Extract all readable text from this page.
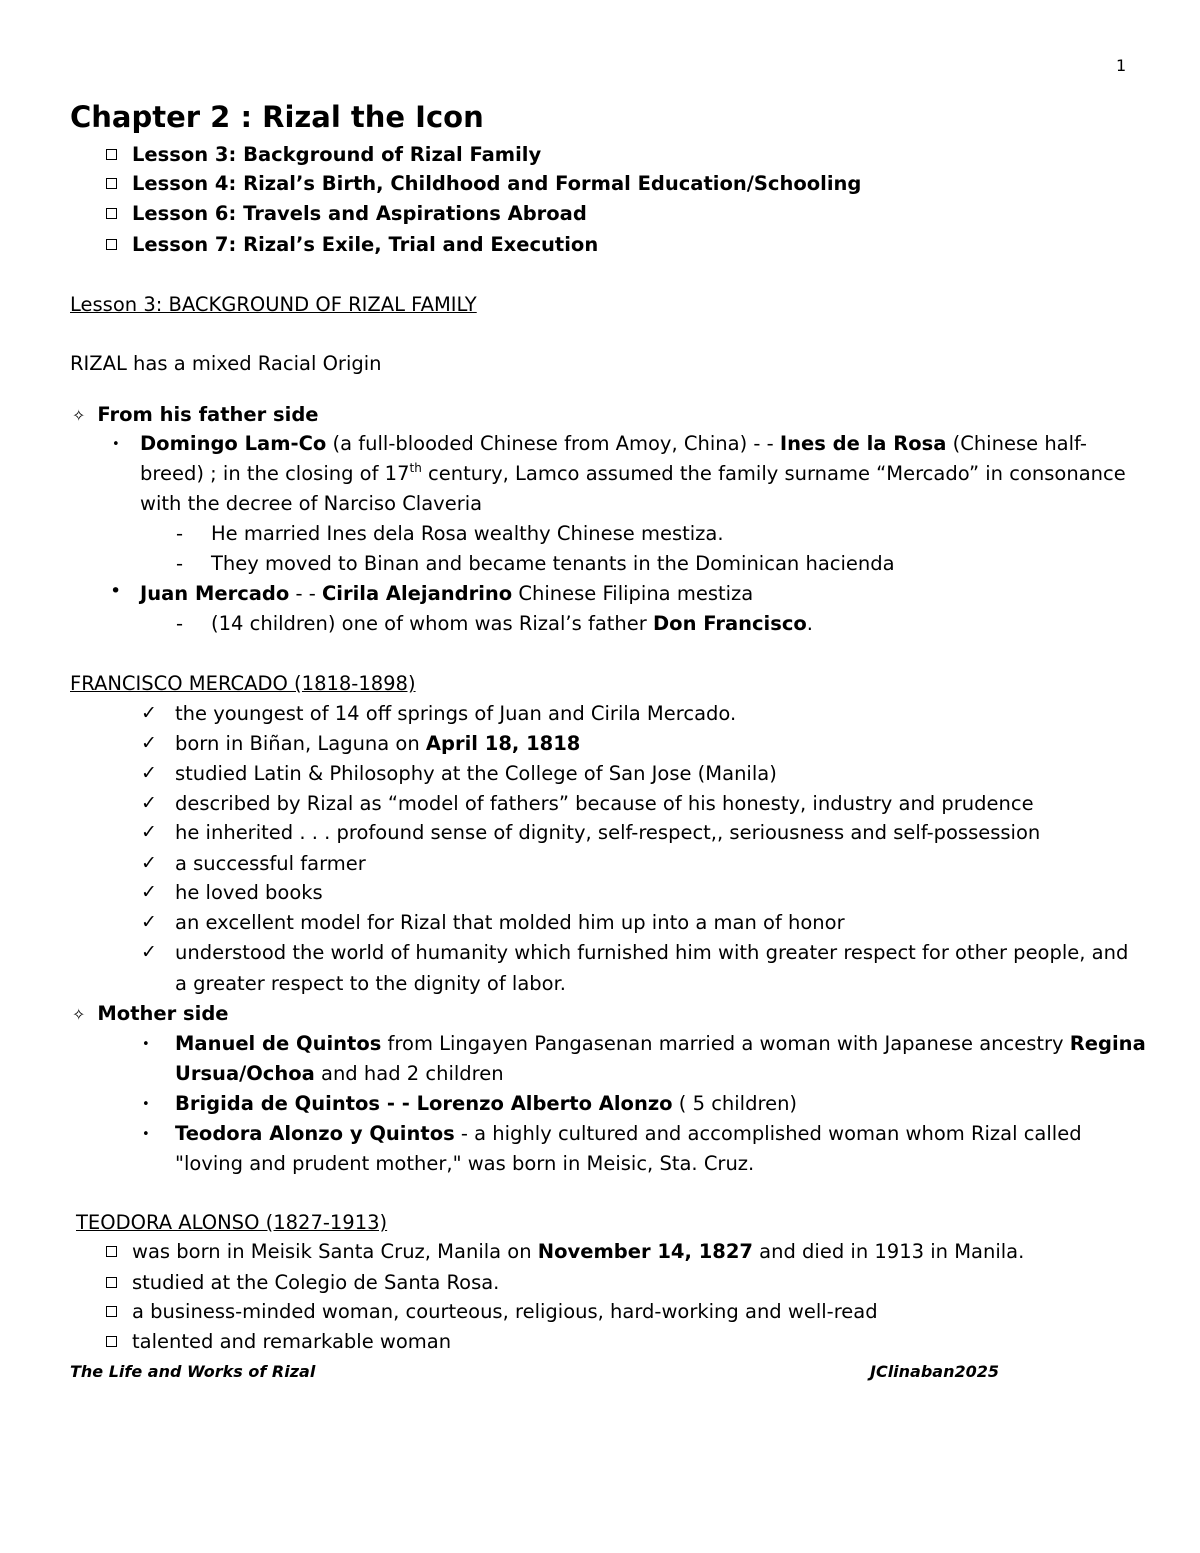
1
Chapter 2 : Rizal the Icon
Lesson 3: Background of Rizal Family
Lesson 4: Rizal’s Birth, Childhood and Formal Education/Schooling
Lesson 6: Travels and Aspirations Abroad
Lesson 7: Rizal’s Exile, Trial and Execution
Lesson 3: BACKGROUND OF RIZAL FAMILY
RIZAL has a mixed Racial Origin
✧ From his father side
• Domingo Lam-Co (a full-blooded Chinese from Amoy, China) - - Ines de la Rosa (Chinese half-
breed) ; in the closing of 17th century, Lamco assumed the family surname “Mercado” in consonance
with the decree of Narciso Claveria
- He married Ines dela Rosa wealthy Chinese mestiza.
- They moved to Binan and became tenants in the Dominican hacienda
• Juan Mercado - - Cirila Alejandrino Chinese Filipina mestiza
- (14 children) one of whom was Rizal’s father Don Francisco.
FRANCISCO MERCADO (1818-1898)
✓ the youngest of 14 off springs of Juan and Cirila Mercado.
✓ born in Biñan, Laguna on April 18, 1818
✓ studied Latin & Philosophy at the College of San Jose (Manila)
✓ described by Rizal as “model of fathers” because of his honesty, industry and prudence
✓ he inherited . . . profound sense of dignity, self-respect,, seriousness and self-possession
✓ a successful farmer
✓ he loved books
✓ an excellent model for Rizal that molded him up into a man of honor
✓ understood the world of humanity which furnished him with greater respect for other people, and
a greater respect to the dignity of labor.
✧ Mother side
• Manuel de Quintos from Lingayen Pangasenan married a woman with Japanese ancestry Regina
Ursua/Ochoa and had 2 children
• Brigida de Quintos - - Lorenzo Alberto Alonzo ( 5 children)
• Teodora Alonzo y Quintos - a highly cultured and accomplished woman whom Rizal called
"loving and prudent mother," was born in Meisic, Sta. Cruz.
TEODORA ALONSO (1827-1913)
was born in Meisik Santa Cruz, Manila on November 14, 1827 and died in 1913 in Manila.
studied at the Colegio de Santa Rosa.
a business-minded woman, courteous, religious, hard-working and well-read
talented and remarkable woman
The Life and Works of Rizal	JClinaban2025
